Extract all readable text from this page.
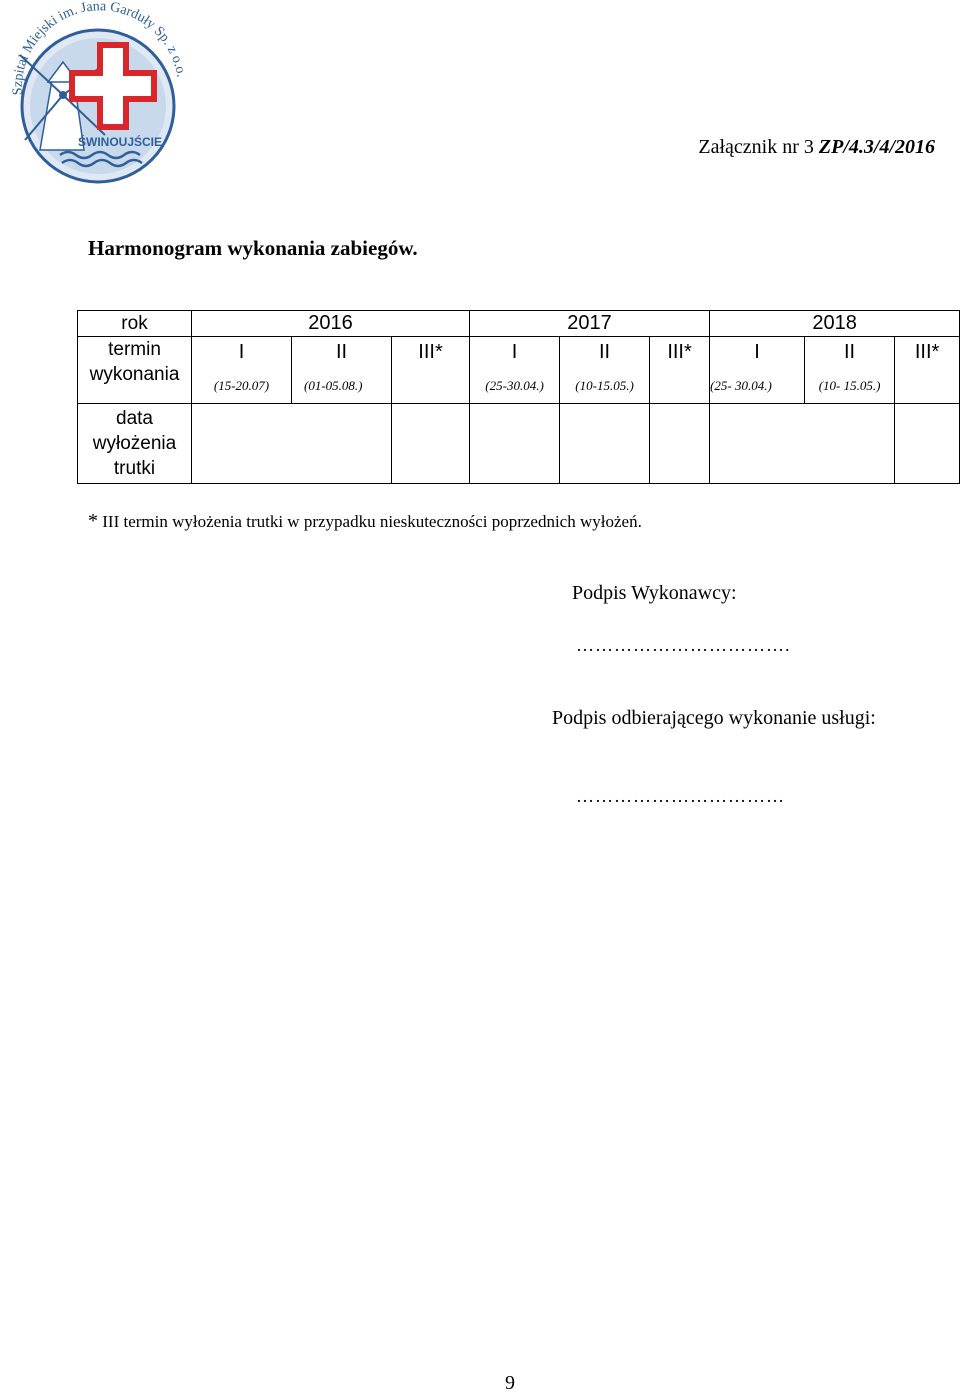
ŚWINOUJŚCIE
Szpital Miejski im. Jana Garduły Sp. z o.o.
Załącznik nr 3 ZP/4.3/4/2016
Harmonogram wykonania zabiegów.
rok	2016			2017			2018		

termin
wykonania	I	II	III*	I	II	III*	I	II	III*
	(15-20.07)	(01-05.08.)		(25-30.04.)	(10-15.05.)		(25- 30.04.)	(10- 15.05.)	

data
wyłożenia
trutki									

* III termin wyłożenia trutki w przypadku nieskuteczności poprzednich wyłożeń.
Podpis Wykonawcy:
…………………………….
Podpis odbierającego wykonanie usługi:
……………………………
9
